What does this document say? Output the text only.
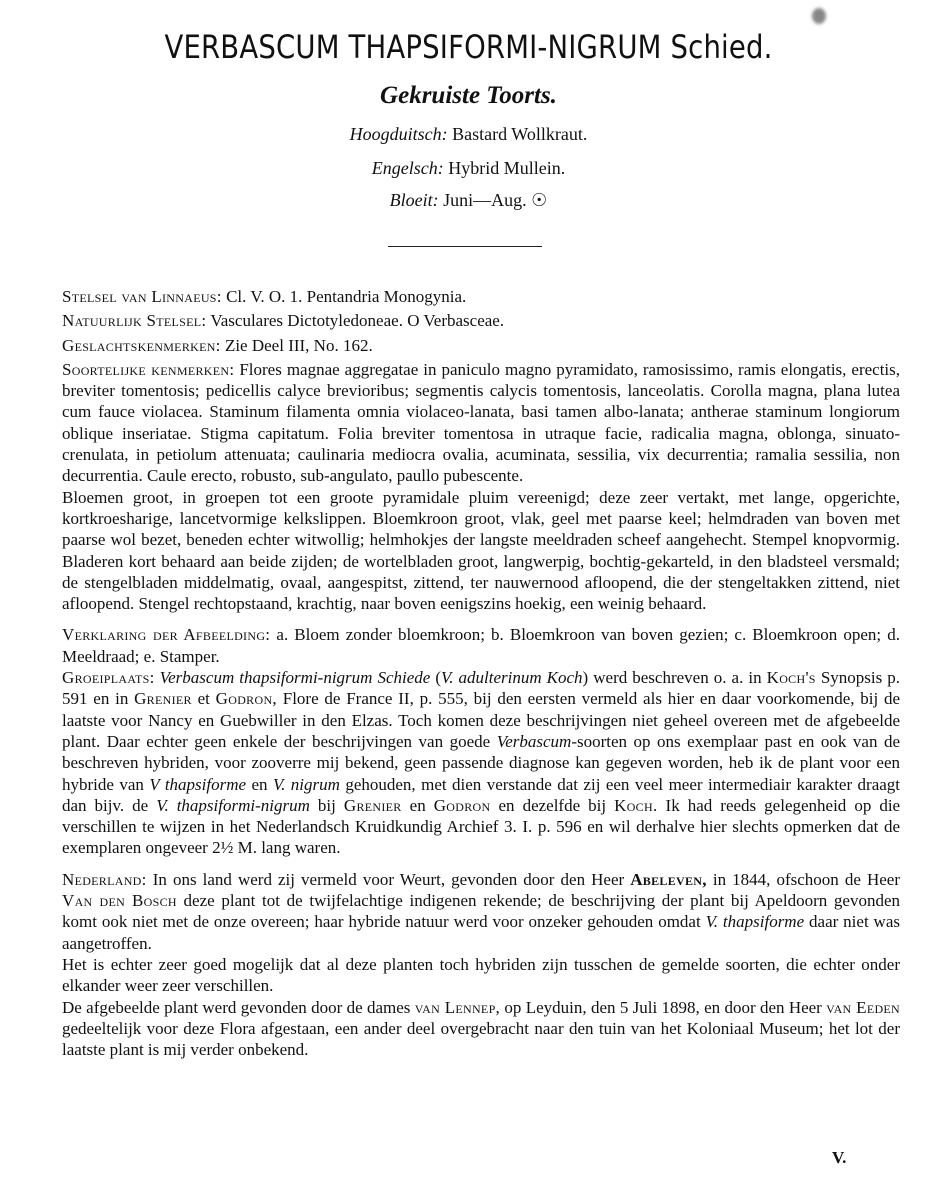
VERBASCUM THAPSIFORMI-NIGRUM Schied.
Gekruiste Toorts.
Hoogduitsch: Bastard Wollkraut.
Engelsch: Hybrid Mullein.
Bloeit: Juni—Aug. ☉

Stelsel van Linnaeus: Cl. V. O. 1. Pentandria Monogynia.

Natuurlijk Stelsel: Vasculares Dictotyledoneae. O Verbasceae.

Geslachtskenmerken: Zie Deel III, No. 162.

Soortelijke kenmerken: Flores magnae aggregatae in paniculo magno pyramidato, ramosissimo, ramis elongatis, erectis, breviter tomentosis; pedicellis calyce brevioribus; segmentis calycis tomentosis, lanceolatis. Corolla magna, plana lutea cum fauce violacea. Staminum filamenta omnia violaceo-lanata, basi tamen albo-lanata; antherae staminum longiorum oblique inseriatae. Stigma capitatum. Folia breviter tomentosa in utraque facie, radicalia magna, oblonga, sinuato-crenulata, in petiolum attenuata; caulinaria mediocra ovalia, acuminata, sessilia, vix decurrentia; ramalia sessilia, non decurrentia. Caule erecto, robusto, sub-angulato, paullo pubescente.

Bloemen groot, in groepen tot een groote pyramidale pluim vereenigd; deze zeer vertakt, met lange, opgerichte, kortkroesharige, lancetvormige kelkslippen. Bloemkroon groot, vlak, geel met paarse keel; helmdraden van boven met paarse wol bezet, beneden echter witwollig; helmhokjes der langste meeldraden scheef aangehecht. Stempel knopvormig. Bladeren kort behaard aan beide zijden; de wortelbladen groot, langwerpig, bochtig-gekarteld, in den bladsteel versmald; de stengelbladen middelmatig, ovaal, aangespitst, zittend, ter nauwernood afloopend, die der stengeltakken zittend, niet afloopend. Stengel rechtopstaand, krachtig, naar boven eenigszins hoekig, een weinig behaard.

Verklaring der Afbeelding: a. Bloem zonder bloemkroon; b. Bloemkroon van boven gezien; c. Bloemkroon open; d. Meeldraad; e. Stamper.

Groeiplaats: Verbascum thapsiformi-nigrum Schiede (V. adulterinum Koch) werd beschreven o. a. in Koch's Synopsis p. 591 en in Grenier et Godron, Flore de France II, p. 555, bij den eersten vermeld als hier en daar voorkomende, bij de laatste voor Nancy en Guebwiller in den Elzas. Toch komen deze beschrijvingen niet geheel overeen met de afgebeelde plant. Daar echter geen enkele der beschrijvingen van goede Verbascum-soorten op ons exemplaar past en ook van de beschreven hybriden, voor zooverre mij bekend, geen passende diagnose kan gegeven worden, heb ik de plant voor een hybride van V thapsiforme en V. nigrum gehouden, met dien verstande dat zij een veel meer intermediair karakter draagt dan bijv. de V. thapsiformi-nigrum bij Grenier en Godron en dezelfde bij Koch. Ik had reeds gelegenheid op die verschillen te wijzen in het Nederlandsch Kruidkundig Archief 3. I. p. 596 en wil derhalve hier slechts opmerken dat de exemplaren ongeveer 2½ M. lang waren.

Nederland: In ons land werd zij vermeld voor Weurt, gevonden door den Heer Abeleven, in 1844, ofschoon de Heer Van den Bosch deze plant tot de twijfelachtige indigenen rekende; de beschrijving der plant bij Apeldoorn gevonden komt ook niet met de onze overeen; haar hybride natuur werd voor onzeker gehouden omdat V. thapsiforme daar niet was aangetroffen.

Het is echter zeer goed mogelijk dat al deze planten toch hybriden zijn tusschen de gemelde soorten, die echter onder elkander weer zeer verschillen.

De afgebeelde plant werd gevonden door de dames van Lennep, op Leyduin, den 5 Juli 1898, en door den Heer van Eeden gedeeltelijk voor deze Flora afgestaan, een ander deel overgebracht naar den tuin van het Koloniaal Museum; het lot der laatste plant is mij verder onbekend.

V.
